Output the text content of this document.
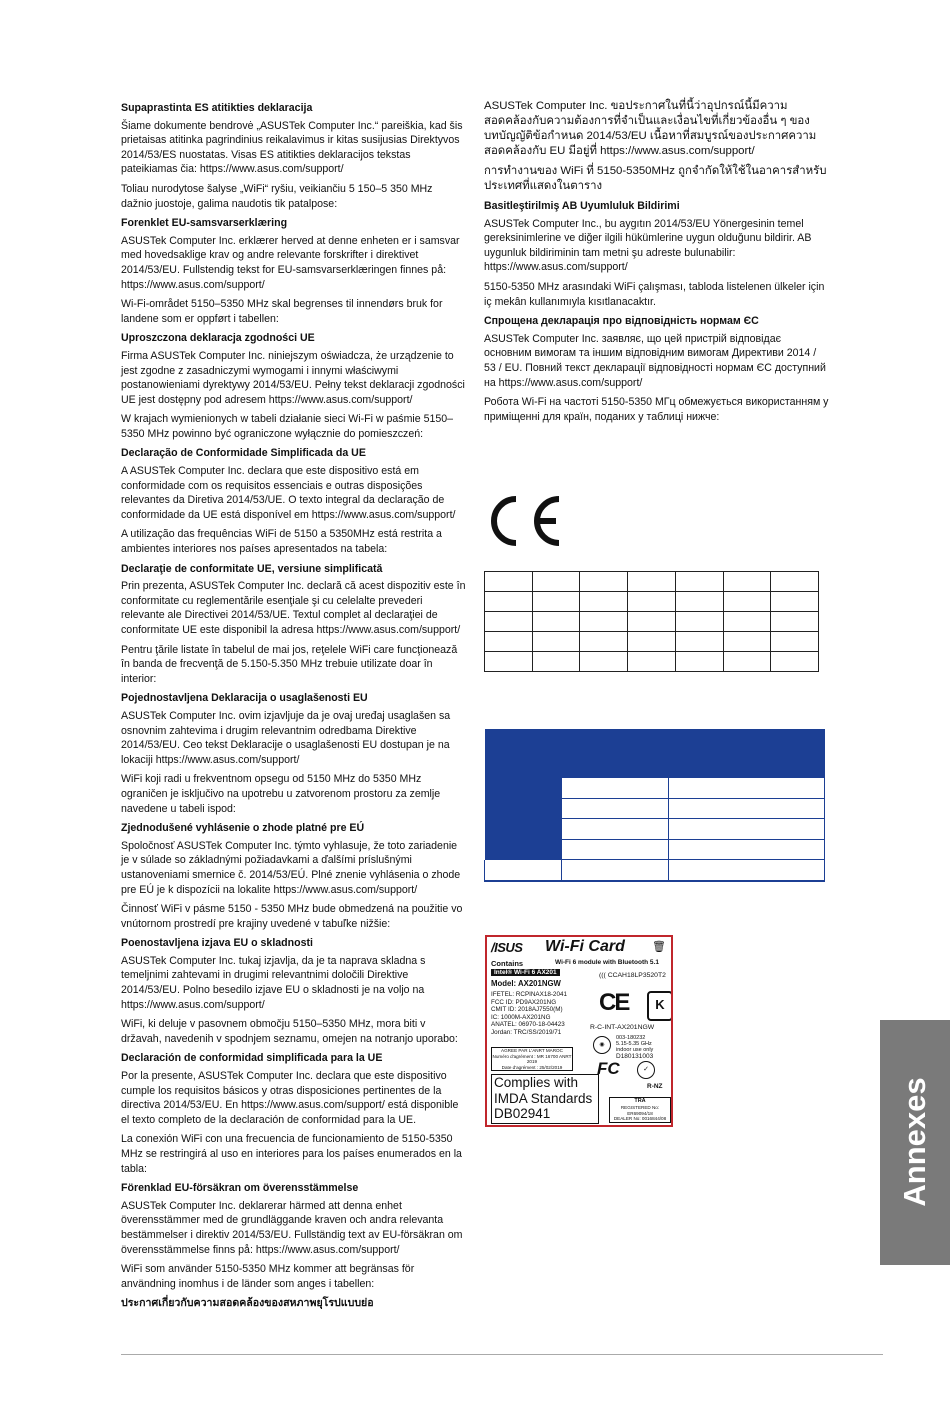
Supaprastinta ES atitikties deklaracija

Šiame dokumente bendrovė „ASUSTek Computer Inc.“ pareiškia, kad šis prietaisas atitinka pagrindinius reikalavimus ir kitas susijusias Direktyvos 2014/53/ES nuostatas. Visas ES atitikties deklaracijos tekstas pateikiamas čia: https://www.asus.com/support/

Toliau nurodytose šalyse „WiFi“ ryšiu, veikiančiu 5 150–5 350 MHz dažnio juostoje, galima naudotis tik patalpose:

Forenklet EU-samsvarserklæring

ASUSTek Computer Inc. erklærer herved at denne enheten er i samsvar med hovedsaklige krav og andre relevante forskrifter i direktivet 2014/53/EU. Fullstendig tekst for EU-samsvarserklæringen finnes på: https://www.asus.com/support/

Wi-Fi-området 5150–5350 MHz skal begrenses til innendørs bruk for landene som er oppført i tabellen:

Uproszczona deklaracja zgodności UE

Firma ASUSTek Computer Inc. niniejszym oświadcza, że urządzenie to jest zgodne z zasadniczymi wymogami i innymi właściwymi postanowieniami dyrektywy 2014/53/EU. Pełny tekst deklaracji zgodności UE jest dostępny pod adresem https://www.asus.com/support/

W krajach wymienionych w tabeli działanie sieci Wi-Fi w paśmie 5150–5350 MHz powinno być ograniczone wyłącznie do pomieszczeń:

Declaração de Conformidade Simplificada da UE

A ASUSTek Computer Inc. declara que este dispositivo está em conformidade com os requisitos essenciais e outras disposições relevantes da Diretiva 2014/53/UE. O texto integral da declaração de conformidade da UE está disponível em https://www.asus.com/support/

A utilização das frequências WiFi de 5150 a 5350MHz está restrita a ambientes interiores nos países apresentados na tabela:

Declaraţie de conformitate UE, versiune simplificată

Prin prezenta, ASUSTek Computer Inc. declară că acest dispozitiv este în conformitate cu reglementările esenţiale şi cu celelalte prevederi relevante ale Directivei 2014/53/UE. Textul complet al declaraţiei de conformitate UE este disponibil la adresa https://www.asus.com/support/

Pentru ţările listate în tabelul de mai jos, reţelele WiFi care funcţionează în banda de frecvenţă de 5.150-5.350 MHz trebuie utilizate doar în interior:

Pojednostavljena Deklaracija o usaglašenosti EU

ASUSTek Computer Inc. ovim izjavljuje da je ovaj uređaj usaglašen sa osnovnim zahtevima i drugim relevantnim odredbama Direktive 2014/53/EU. Ceo tekst Deklaracije o usaglašenosti EU dostupan je na lokaciji https://www.asus.com/support/

WiFi koji radi u frekventnom opsegu od 5150 MHz do 5350 MHz ograničen je isključivo na upotrebu u zatvorenom prostoru za zemlje navedene u tabeli ispod:

Zjednodušené vyhlásenie o zhode platné pre EÚ

Spoločnosť ASUSTek Computer Inc. týmto vyhlasuje, že toto zariadenie je v súlade so základnými požiadavkami a ďalšími príslušnými ustanoveniami smernice č. 2014/53/EÚ. Plné znenie vyhlásenia o zhode pre EÚ je k dispozícii na lokalite https://www.asus.com/support/

Činnosť WiFi v pásme 5150 - 5350 MHz bude obmedzená na použitie vo vnútornom prostredí pre krajiny uvedené v tabuľke nižšie:

Poenostavljena izjava EU o skladnosti

ASUSTek Computer Inc. tukaj izjavlja, da je ta naprava skladna s temeljnimi zahtevami in drugimi relevantnimi določili Direktive 2014/53/EU. Polno besedilo izjave EU o skladnosti je na voljo na https://www.asus.com/support/

WiFi, ki deluje v pasovnem območju 5150–5350 MHz, mora biti v državah, navedenih v spodnjem seznamu, omejen na notranjo uporabo:

Declaración de conformidad simplificada para la UE

Por la presente, ASUSTek Computer Inc. declara que este dispositivo cumple los requisitos básicos y otras disposiciones pertinentes de la directiva 2014/53/EU. En https://www.asus.com/support/ está disponible el texto completo de la declaración de conformidad para la UE.

La conexión WiFi con una frecuencia de funcionamiento de 5150-5350 MHz se restringirá al uso en interiores para los países enumerados en la tabla:

Förenklad EU-försäkran om överensstämmelse

ASUSTek Computer Inc. deklarerar härmed att denna enhet överensstämmer med de grundläggande kraven och andra relevanta bestämmelser i direktiv 2014/53/EU. Fullständig text av EU-försäkran om överensstämmelse finns på: https://www.asus.com/support/

WiFi som använder 5150-5350 MHz kommer att begränsas för användning inomhus i de länder som anges i tabellen:

ประกาศเกี่ยวกับความสอดคล้องของสหภาพยุโรปแบบย่อ

ASUSTek Computer Inc. ขอประกาศในที่นี้ว่าอุปกรณ์นี้มีความสอดคล้องกับความต้องการที่จำเป็นและเงื่อนไขที่เกี่ยวข้องอื่น ๆ ของบทบัญญัติข้อกำหนด 2014/53/EU เนื้อหาที่สมบูรณ์ของประกาศความสอดคล้องกับ EU มีอยู่ที่ https://www.asus.com/support/

การทำงานของ WiFi ที่ 5150-5350MHz ถูกจำกัดให้ใช้ในอาคารสำหรับประเทศที่แสดงในตาราง

Basitleştirilmiş AB Uyumluluk Bildirimi

ASUSTek Computer Inc., bu aygıtın 2014/53/EU Yönergesinin temel gereksinimlerine ve diğer ilgili hükümlerine uygun olduğunu bildirir. AB uygunluk bildiriminin tam metni şu adreste bulunabilir: https://www.asus.com/support/

5150-5350 MHz arasındaki WiFi çalışması, tabloda listelenen ülkeler için iç mekân kullanımıyla kısıtlanacaktır.

Спрощена декларація про відповідність нормам ЄС

ASUSTek Computer Inc. заявляє, що цей пристрій відповідає основним вимогам та іншим відповідним вимогам Директиви 2014 / 53 / EU. Повний текст декларації відповідності нормам ЄС доступний на https://www.asus.com/support/

Робота Wi-Fi на частоті 5150-5350 МГц обмежується використанням у приміщенні для країн, поданих у таблиці нижче:

/ISUS Wi-Fi Card 🗑
Contains	Wi-Fi 6 module with Bluetooth 5.1
Intel® Wi-Fi 6 AX201
Model: AX201NGW
IFETEL: RCPINAX18-2041
FCC ID: PD9AX201NG
CMIT ID: 2018AJ7550(M)
IC: 1000M-AX201NG
ANATEL: 06970-18-04423
Jordan: TRC/SS/2019/71
((( CCAH18LP3520T2
CE	K
R-C-INT-AX201NGW
AGREE PAR L'ANRT MAROC
Numéro d'agrément : MR 16700 ANRT 2019
Date d'agrément : 25/02/2019
◉
003-180232
5.15-5.35 GHz
indoor use only
D180131003
FC	✓
R-NZ
Complies with
IMDA Standards
DB02941
TRA
REGISTERED No: ER69094/18
DEALER No: 0016844/08	Annexes
